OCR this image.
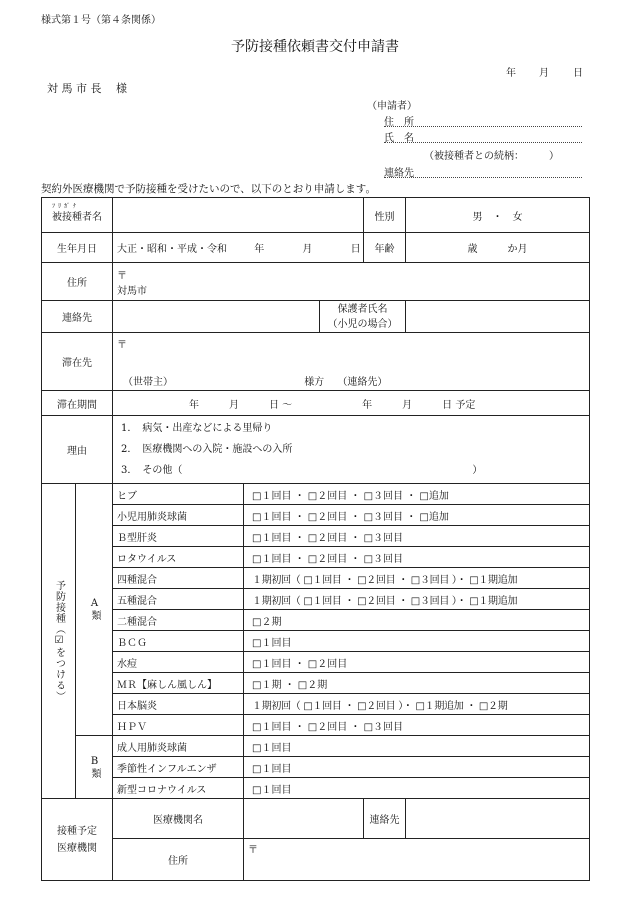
様式第１号（第４条関係）
予防接種依頼書交付申請書
年 月 日
対 馬 市 長　 様
（申請者）
住　所
氏　名
（被接種者との続柄：　　　）
連絡先
契約外医療機関で予防接種を受けたいので、以下のとおり申請します。
ﾌﾘｶﾞﾅ
被接種者名					性別	男　・　女
生年月日		大正・昭和・平成・令和 年 月 日			年齢	歳　　　か月
住所		〒
対馬市				

連絡先				保護者氏名
（小児の場合）		

滞在先		〒
（世帯主） 様方 （連絡先）				

滞在期間		年　　　月　　　日 〜　　　　　　　年　　　月　　　日 予定				
理由		1．　病気・出産などによる里帰り
2．　医療機関への入院・施設への入所
3．　その他（ ）				

予防接種（☑をつける）	A類	ヒブ	□１回目 ・ □２回目 ・ □３回目 ・ □追加			
		小児用肺炎球菌	□１回目 ・ □２回目 ・ □３回目 ・ □追加			
		Ｂ型肝炎	□１回目 ・ □２回目 ・ □３回目			
		ロタウイルス	□１回目 ・ □２回目 ・ □３回目			
		四種混合	１期初回（ □１回目 ・ □２回目 ・ □３回目 ）・ □１期追加			
		五種混合	１期初回（ □１回目 ・ □２回目 ・ □３回目 ）・ □１期追加			
		二種混合	□２期			
		ＢＣＧ	□１回目			
		水痘	□１回目 ・ □２回目			
		ＭＲ【麻しん風しん】	□１期 ・ □２期			
		日本脳炎	１期初回（ □１回目 ・ □２回目 ）・ □１期追加 ・ □２期			
		ＨＰＶ	□１回目 ・ □２回目 ・ □３回目			

	B類	成人用肺炎球菌	□１回目			
		季節性インフルエンザ	□１回目			
		新型コロナウイルス	□１回目			

接種予定
医療機関		医療機関名			連絡先	
		住所	〒			
